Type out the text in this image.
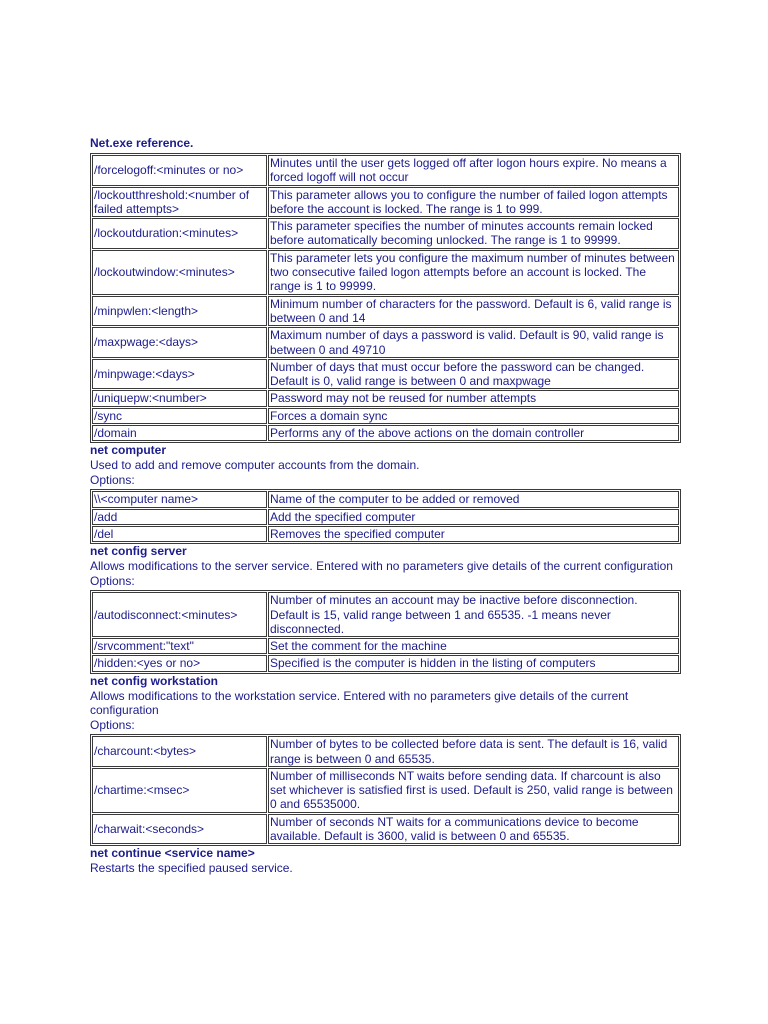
Net.exe reference.

/forcelogoff:<minutes or no>	Minutes until the user gets logged off after logon hours expire. No means a forced logoff will not occur
/lockoutthreshold:<number of failed attempts>	This parameter allows you to configure the number of failed logon attempts before the account is locked. The range is 1 to 999.
/lockoutduration:<minutes>	This parameter specifies the number of minutes accounts remain locked before automatically becoming unlocked. The range is 1 to 99999.
/lockoutwindow:<minutes>	This parameter lets you configure the maximum number of minutes between two consecutive failed logon attempts before an account is locked. The range is 1 to 99999.
/minpwlen:<length>	Minimum number of characters for the password. Default is 6, valid range is between 0 and 14
/maxpwage:<days>	Maximum number of days a password is valid. Default is 90, valid range is between 0 and 49710
/minpwage:<days>	Number of days that must occur before the password can be changed. Default is 0, valid range is between 0 and maxpwage
/uniquepw:<number>	Password may not be reused for number attempts
/sync	Forces a domain sync
/domain	Performs any of the above actions on the domain controller

net computer

Used to add and remove computer accounts from the domain.

Options:

\\<computer name>	Name of the computer to be added or removed
/add	Add the specified computer
/del	Removes the specified computer

net config server

Allows modifications to the server service. Entered with no parameters give details of the current configuration

Options:

/autodisconnect:<minutes>	Number of minutes an account may be inactive before disconnection. Default is 15, valid range between 1 and 65535. -1 means never disconnected.
/srvcomment:"text"	Set the comment for the machine
/hidden:<yes or no>	Specified is the computer is hidden in the listing of computers

net config workstation

Allows modifications to the workstation service. Entered with no parameters give details of the current configuration

Options:

/charcount:<bytes>	Number of bytes to be collected before data is sent. The default is 16, valid range is between 0 and 65535.
/chartime:<msec>	Number of milliseconds NT waits before sending data. If charcount is also set whichever is satisfied first is used. Default is 250, valid range is between 0 and 65535000.
/charwait:<seconds>	Number of seconds NT waits for a communications device to become available. Default is 3600, valid is between 0 and 65535.

net continue <service name>

Restarts the specified paused service.
